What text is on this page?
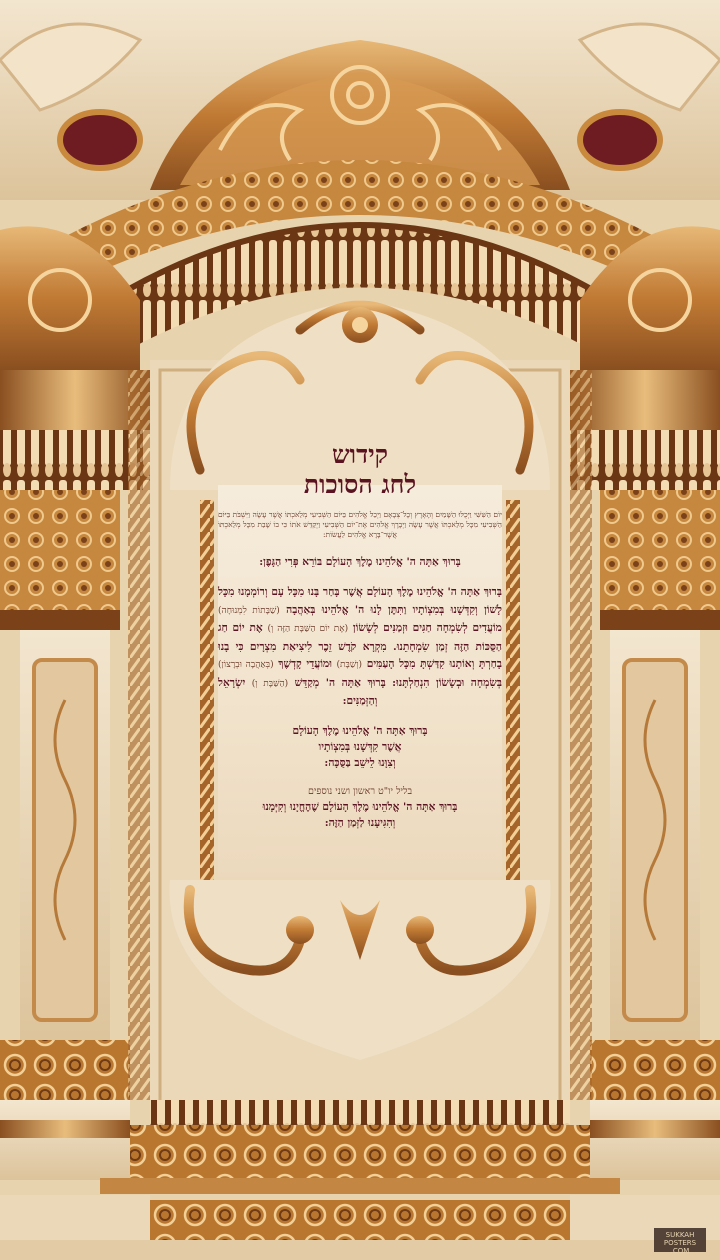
קידוש
לחג הסוכות

יוֹם הַשִּׁשִּׁי וַיְכֻלּוּ הַשָּׁמַיִם וְהָאָרֶץ וְכָל־צְבָאָם וַיְכַל אֱלֹהִים בַּיּוֹם הַשְּׁבִיעִי מְלַאכְתּוֹ אֲשֶׁר עָשָׂה וַיִּשְׁבֹּת בַּיּוֹם הַשְּׁבִיעִי מִכָּל מְלַאכְתּוֹ אֲשֶׁר עָשָׂה וַיְבָרֶךְ אֱלֹהִים אֶת־יוֹם הַשְּׁבִיעִי וַיְקַדֵּשׁ אֹתוֹ כִּי בוֹ שָׁבַת מִכָּל מְלַאכְתּוֹ אֲשֶׁר־בָּרָא אֱלֹהִים לַעֲשׂוֹת:

בָּרוּךְ אַתָּה ה' אֱלֹהֵינוּ מֶלֶךְ הָעוֹלָם בּוֹרֵא פְּרִי הַגָּפֶן:

בָּרוּךְ אַתָּה ה' אֱלֹהֵינוּ מֶלֶךְ הָעוֹלָם אֲשֶׁר בָּחַר בָּנוּ מִכָּל עָם וְרוֹמְמָנוּ מִכָּל לָשׁוֹן וְקִדְּשָׁנוּ בְּמִצְוֹתָיו וַתִּתֶּן לָנוּ ה' אֱלֹהֵינוּ בְּאַהֲבָה (שַׁבָּתוֹת לִמְנוּחָה) מוֹעֲדִים לְשִׂמְחָה חַגִּים וּזְמַנִּים לְשָׂשׂוֹן (אֶת יוֹם הַשַּׁבָּת הַזֶּה וְ) אֶת יוֹם חַג הַסֻּכּוֹת הַזֶּה זְמַן שִׂמְחָתֵנוּ. מִקְרָא קֹדֶשׁ זֵכֶר לִיצִיאַת מִצְרָיִם כִּי בָנוּ בָחַרְתָּ וְאוֹתָנוּ קִדַּשְׁתָּ מִכָּל הָעַמִּים (וְשַׁבָּת) וּמוֹעֲדֵי קָדְשֶׁךָ (בְּאַהֲבָה וּבְרָצוֹן) בְּשִׂמְחָה וּבְשָׂשׂוֹן הִנְחַלְתָּנוּ: בָּרוּךְ אַתָּה ה' מְקַדֵּשׁ (הַשַּׁבָּת וְ) יִשְׂרָאֵל וְהַזְּמַנִּים:

בָּרוּךְ אַתָּה ה' אֱלֹהֵינוּ מֶלֶךְ הָעוֹלָם
אֲשֶׁר קִדְּשָׁנוּ בְּמִצְוֹתָיו
וְצִוָּנוּ לֵישֵׁב בַּסֻּכָּה:

בליל יו"ט ראשון ושני נוספים

בָּרוּךְ אַתָּה ה' אֱלֹהֵינוּ מֶלֶךְ הָעוֹלָם שֶׁהֶחֱיָנוּ וְקִיְּמָנוּ
וְהִגִּיעָנוּ לַזְּמַן הַזֶּה:

SUKKAH
POSTERS
.COM
